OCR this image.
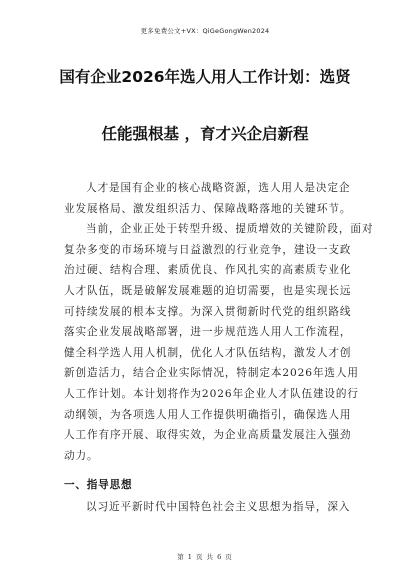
更多免费公文+VX：QiGeGongWen2024
国有企业2026年选人用人工作计划：选贤
任能强根基 ，育才兴企启新程
人才是国有企业的核心战略资源，选人用人是决定企
业发展格局、激发组织活力、保障战略落地的关键环节。
当前，企业正处于转型升级、提质增效的关键阶段，面对
复杂多变的市场环境与日益激烈的行业竞争，建设一支政
治过硬、结构合理、素质优良、作风扎实的高素质专业化
人才队伍，既是破解发展难题的迫切需要，也是实现长远
可持续发展的根本支撑。为深入贯彻新时代党的组织路线
落实企业发展战略部署，进一步规范选人用人工作流程，
健全科学选人用人机制，优化人才队伍结构，激发人才创
新创造活力，结合企业实际情况，特制定本2026年选人用
人工作计划。本计划将作为2026年企业人才队伍建设的行
动纲领，为各项选人用人工作提供明确指引，确保选人用
人工作有序开展、取得实效，为企业高质量发展注入强劲
动力。
一、指导思想
以习近平新时代中国特色社会主义思想为指导，深入
第 1 页 共 6 页
